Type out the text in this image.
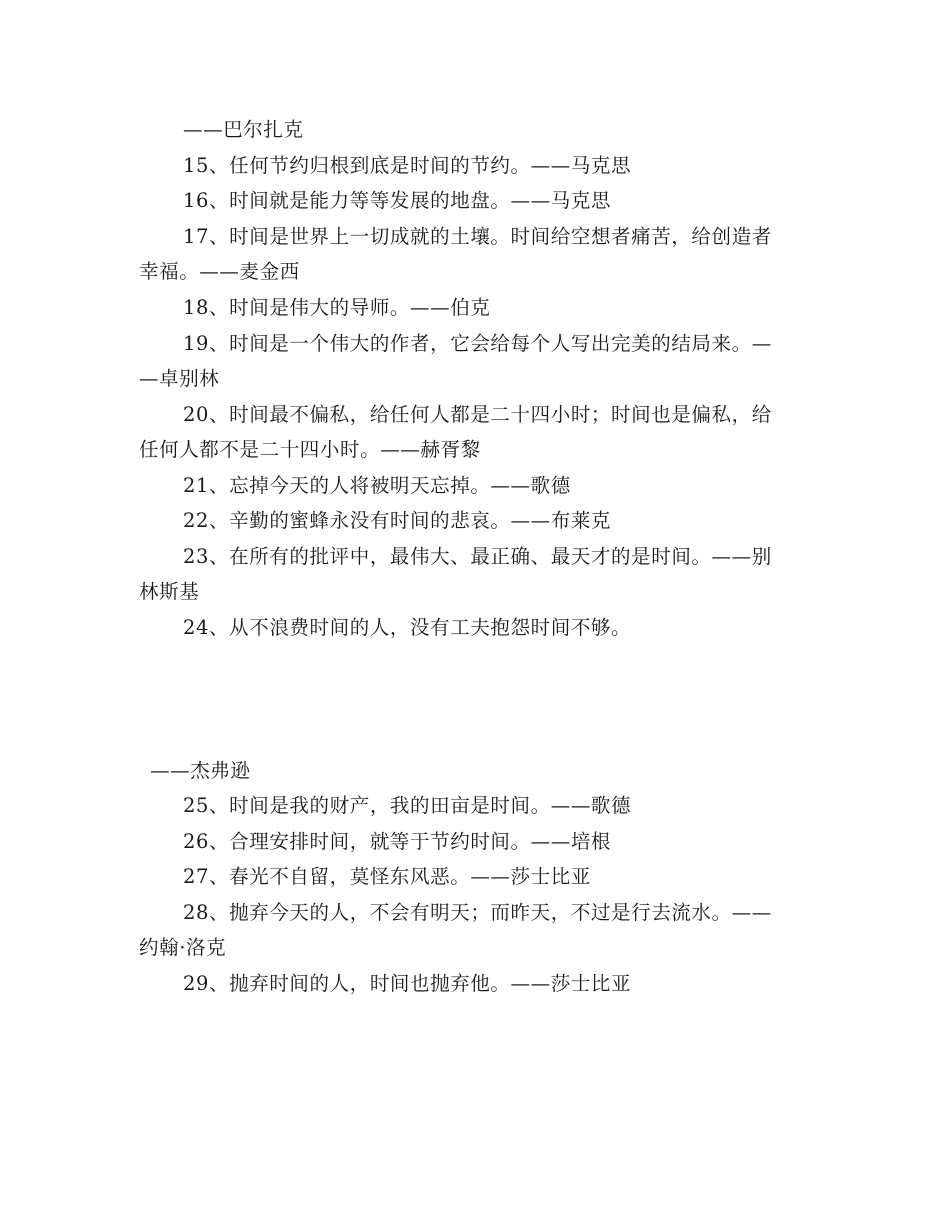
——巴尔扎克
15、任何节约归根到底是时间的节约。——马克思
16、时间就是能力等等发展的地盘。——马克思
17、时间是世界上一切成就的土壤。时间给空想者痛苦，给创造者
幸福。——麦金西
18、时间是伟大的导师。——伯克
19、时间是一个伟大的作者，它会给每个人写出完美的结局来。—
—卓别林
20、时间最不偏私，给任何人都是二十四小时；时间也是偏私，给
任何人都不是二十四小时。——赫胥黎
21、忘掉今天的人将被明天忘掉。——歌德
22、辛勤的蜜蜂永没有时间的悲哀。——布莱克
23、在所有的批评中，最伟大、最正确、最天才的是时间。——别
林斯基
24、从不浪费时间的人，没有工夫抱怨时间不够。
——杰弗逊
25、时间是我的财产，我的田亩是时间。——歌德
26、合理安排时间，就等于节约时间。——培根
27、春光不自留，莫怪东风恶。——莎士比亚
28、抛弃今天的人，不会有明天；而昨天，不过是行去流水。——
约翰·洛克
29、抛弃时间的人，时间也抛弃他。——莎士比亚
